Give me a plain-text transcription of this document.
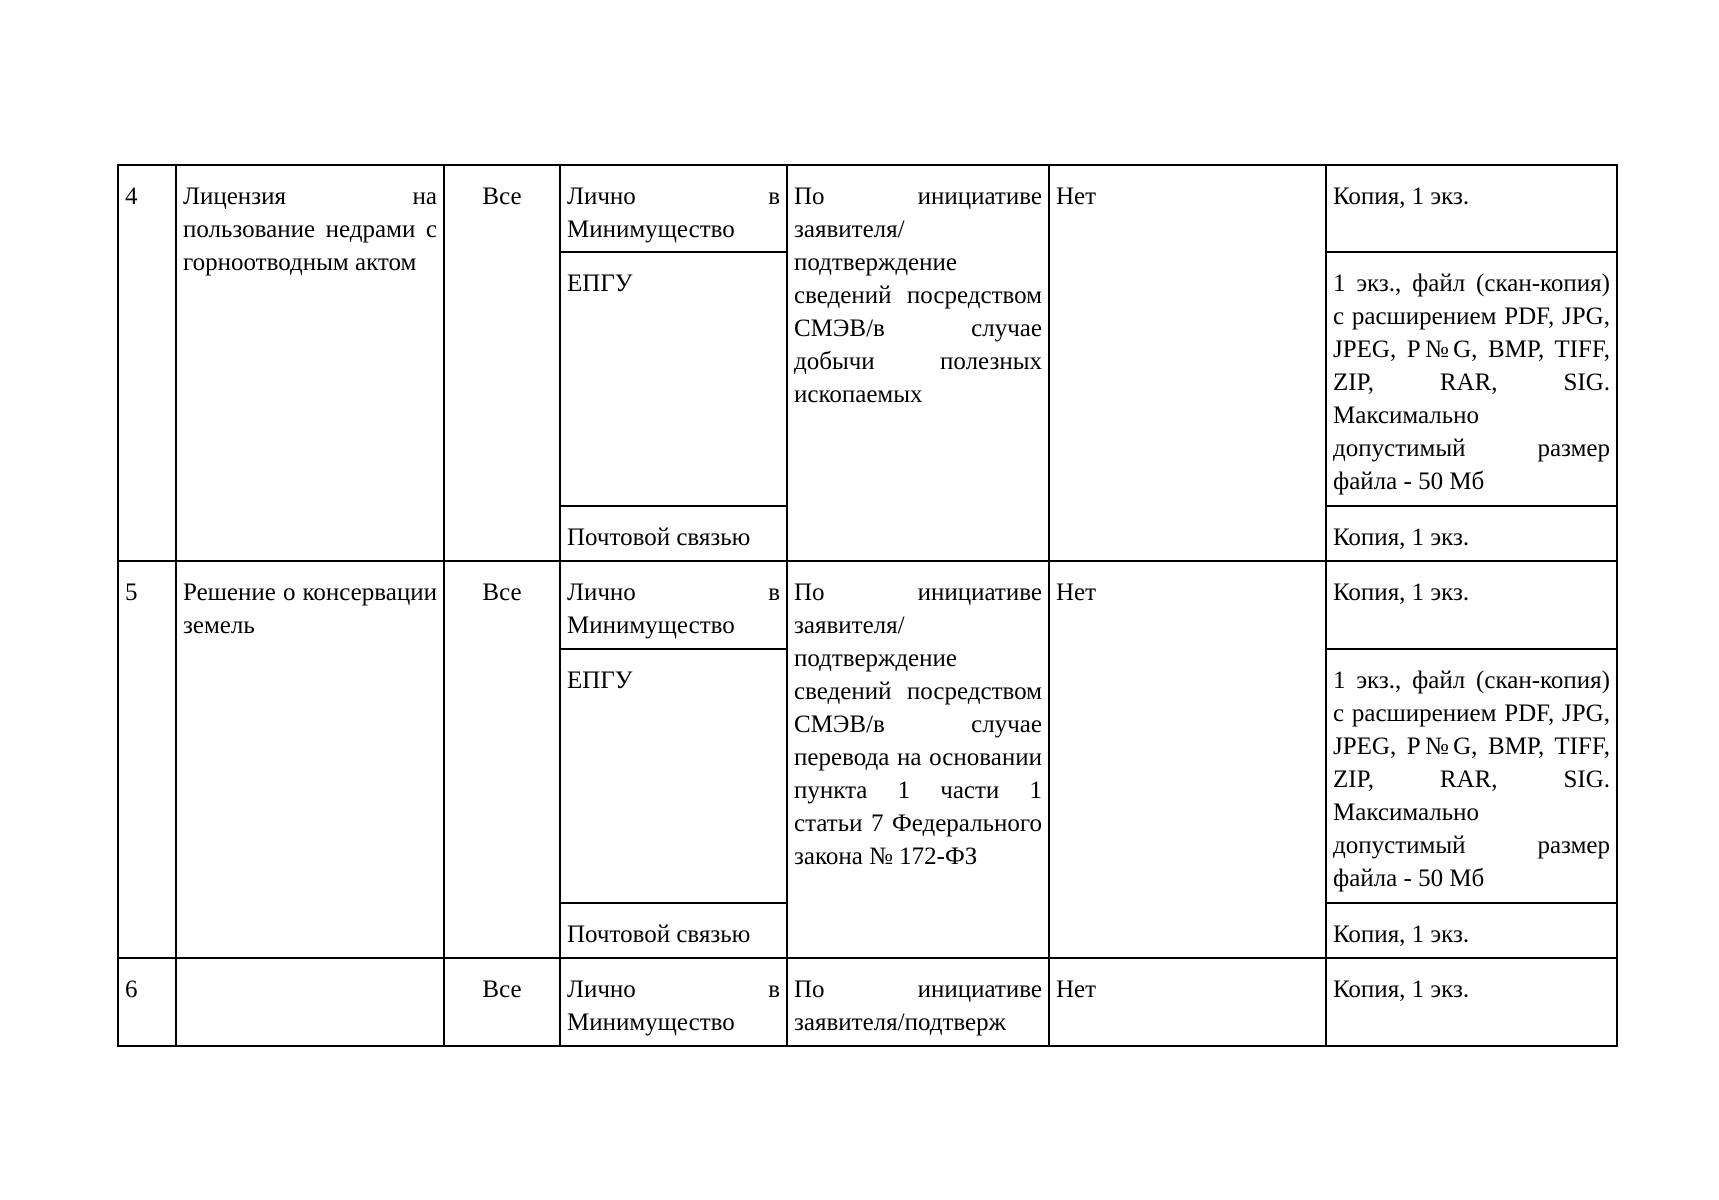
4	Лицензия на пользование недрами с горноотводным актом	Все	Лично в Минимущество	По инициативе заявителя/подтверждение сведений посредством СМЭВ/в случае добычи полезных ископаемых	Нет	Копия, 1 экз.
			ЕПГУ			1 экз., файл (скан-копия) с расширением PDF, JPG, JPEG, P№G, BMP, TIFF, ZIP, RAR, SIG. Максимально допустимый размер файла - 50 Мб
			Почтовой связью			Копия, 1 экз.
5	Решение о консервации земель	Все	Лично в Минимущество	По инициативе заявителя/подтверждение сведений посредством СМЭВ/в случае перевода на основании пункта 1 части 1 статьи 7 Федерального закона № 172-ФЗ	Нет	Копия, 1 экз.
			ЕПГУ			1 экз., файл (скан-копия) с расширением PDF, JPG, JPEG, P№G, BMP, TIFF, ZIP, RAR, SIG. Максимально допустимый размер файла - 50 Мб
			Почтовой связью			Копия, 1 экз.
6		Все	Лично в Минимущество	По инициативе заявителя/подтверж	Нет	Копия, 1 экз.
